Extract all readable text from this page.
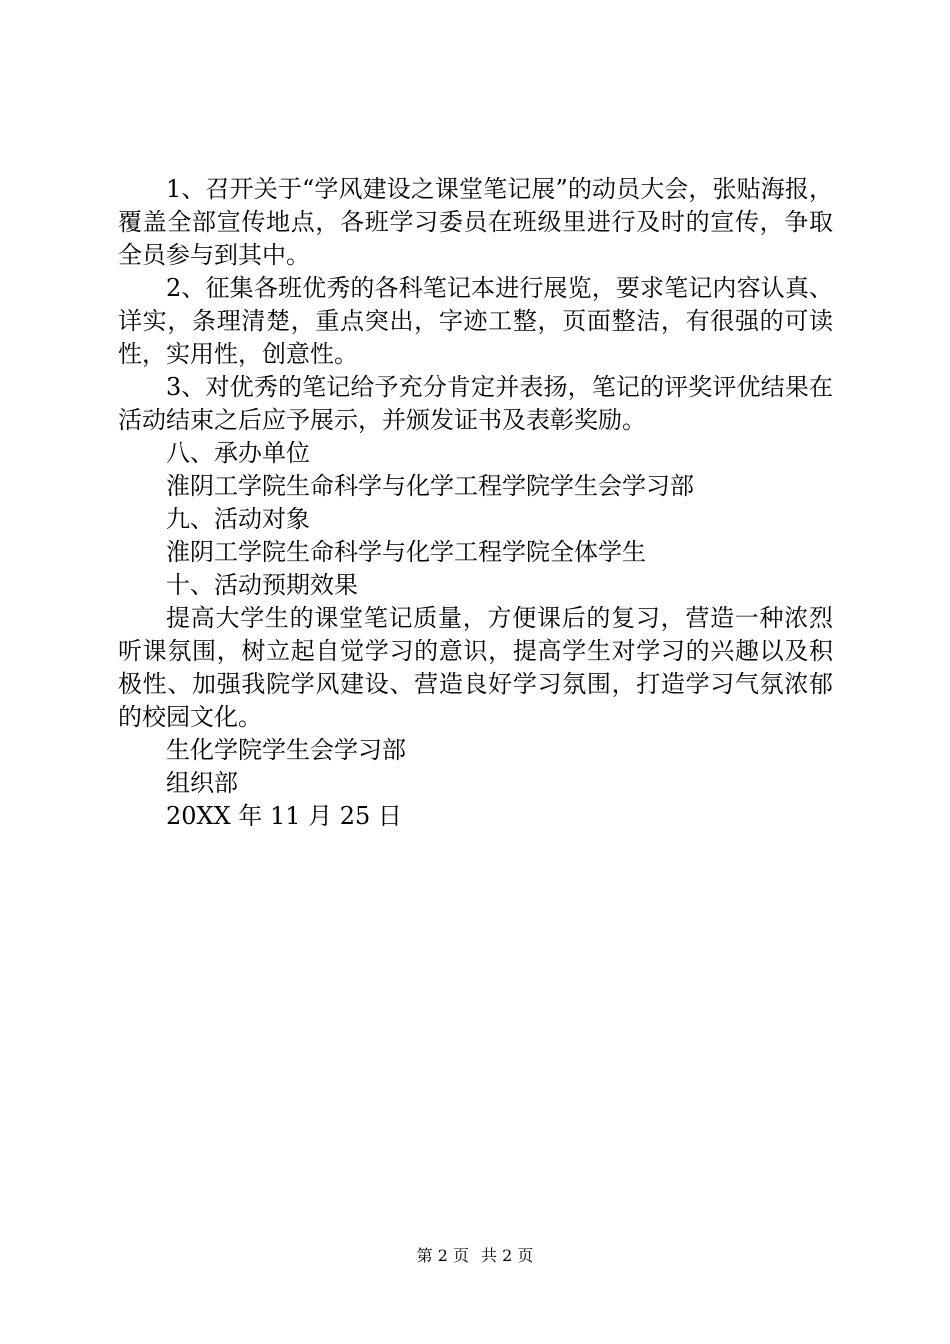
1、召开关于“学风建设之课堂笔记展”的动员大会，张贴海报，覆盖全部宣传地点，各班学习委员在班级里进行及时的宣传，争取全员参与到其中。

2、征集各班优秀的各科笔记本进行展览，要求笔记内容认真、详实，条理清楚，重点突出，字迹工整，页面整洁，有很强的可读性，实用性，创意性。

3、对优秀的笔记给予充分肯定并表扬，笔记的评奖评优结果在活动结束之后应予展示，并颁发证书及表彰奖励。

八、承办单位

淮阴工学院生命科学与化学工程学院学生会学习部

九、活动对象

淮阴工学院生命科学与化学工程学院全体学生

十、活动预期效果

提高大学生的课堂笔记质量，方便课后的复习，营造一种浓烈听课氛围，树立起自觉学习的意识，提高学生对学习的兴趣以及积极性、加强我院学风建设、营造良好学习氛围，打造学习气氛浓郁的校园文化。

生化学院学生会学习部

组织部

20XX 年 11 月 25 日

第 2 页 共 2 页
